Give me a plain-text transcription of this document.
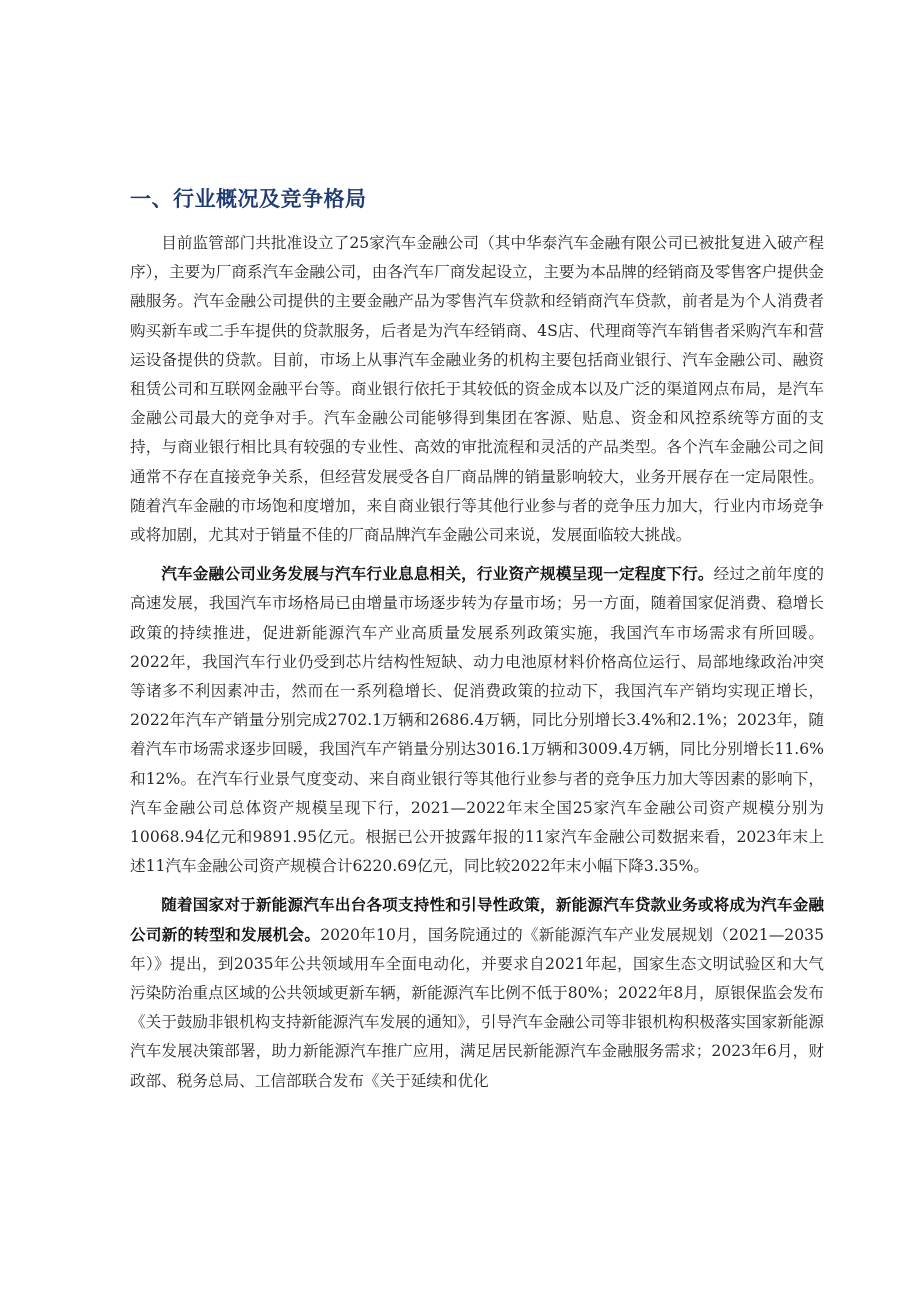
一、行业概况及竞争格局

目前监管部门共批准设立了25家汽车金融公司（其中华泰汽车金融有限公司已被批复进入破产程序），主要为厂商系汽车金融公司，由各汽车厂商发起设立，主要为本品牌的经销商及零售客户提供金融服务。汽车金融公司提供的主要金融产品为零售汽车贷款和经销商汽车贷款，前者是为个人消费者购买新车或二手车提供的贷款服务，后者是为汽车经销商、4S店、代理商等汽车销售者采购汽车和营运设备提供的贷款。目前，市场上从事汽车金融业务的机构主要包括商业银行、汽车金融公司、融资租赁公司和互联网金融平台等。商业银行依托于其较低的资金成本以及广泛的渠道网点布局，是汽车金融公司最大的竞争对手。汽车金融公司能够得到集团在客源、贴息、资金和风控系统等方面的支持，与商业银行相比具有较强的专业性、高效的审批流程和灵活的产品类型。各个汽车金融公司之间通常不存在直接竞争关系，但经营发展受各自厂商品牌的销量影响较大，业务开展存在一定局限性。随着汽车金融的市场饱和度增加，来自商业银行等其他行业参与者的竞争压力加大，行业内市场竞争或将加剧，尤其对于销量不佳的厂商品牌汽车金融公司来说，发展面临较大挑战。

汽车金融公司业务发展与汽车行业息息相关，行业资产规模呈现一定程度下行。经过之前年度的高速发展，我国汽车市场格局已由增量市场逐步转为存量市场；另一方面，随着国家促消费、稳增长政策的持续推进，促进新能源汽车产业高质量发展系列政策实施，我国汽车市场需求有所回暖。2022年，我国汽车行业仍受到芯片结构性短缺、动力电池原材料价格高位运行、局部地缘政治冲突等诸多不利因素冲击，然而在一系列稳增长、促消费政策的拉动下，我国汽车产销均实现正增长，2022年汽车产销量分别完成2702.1万辆和2686.4万辆，同比分别增长3.4%和2.1%；2023年，随着汽车市场需求逐步回暖，我国汽车产销量分别达3016.1万辆和3009.4万辆，同比分别增长11.6%和12%。在汽车行业景气度变动、来自商业银行等其他行业参与者的竞争压力加大等因素的影响下，汽车金融公司总体资产规模呈现下行，2021—2022年末全国25家汽车金融公司资产规模分别为10068.94亿元和9891.95亿元。根据已公开披露年报的11家汽车金融公司数据来看，2023年末上述11汽车金融公司资产规模合计6220.69亿元，同比较2022年末小幅下降3.35%。

随着国家对于新能源汽车出台各项支持性和引导性政策，新能源汽车贷款业务或将成为汽车金融公司新的转型和发展机会。2020年10月，国务院通过的《新能源汽车产业发展规划（2021—2035年）》提出，到2035年公共领域用车全面电动化，并要求自2021年起，国家生态文明试验区和大气污染防治重点区域的公共领域更新车辆，新能源汽车比例不低于80%；2022年8月，原银保监会发布《关于鼓励非银机构支持新能源汽车发展的通知》，引导汽车金融公司等非银机构积极落实国家新能源汽车发展决策部署，助力新能源汽车推广应用，满足居民新能源汽车金融服务需求；2023年6月，财政部、税务总局、工信部联合发布《关于延续和优化
